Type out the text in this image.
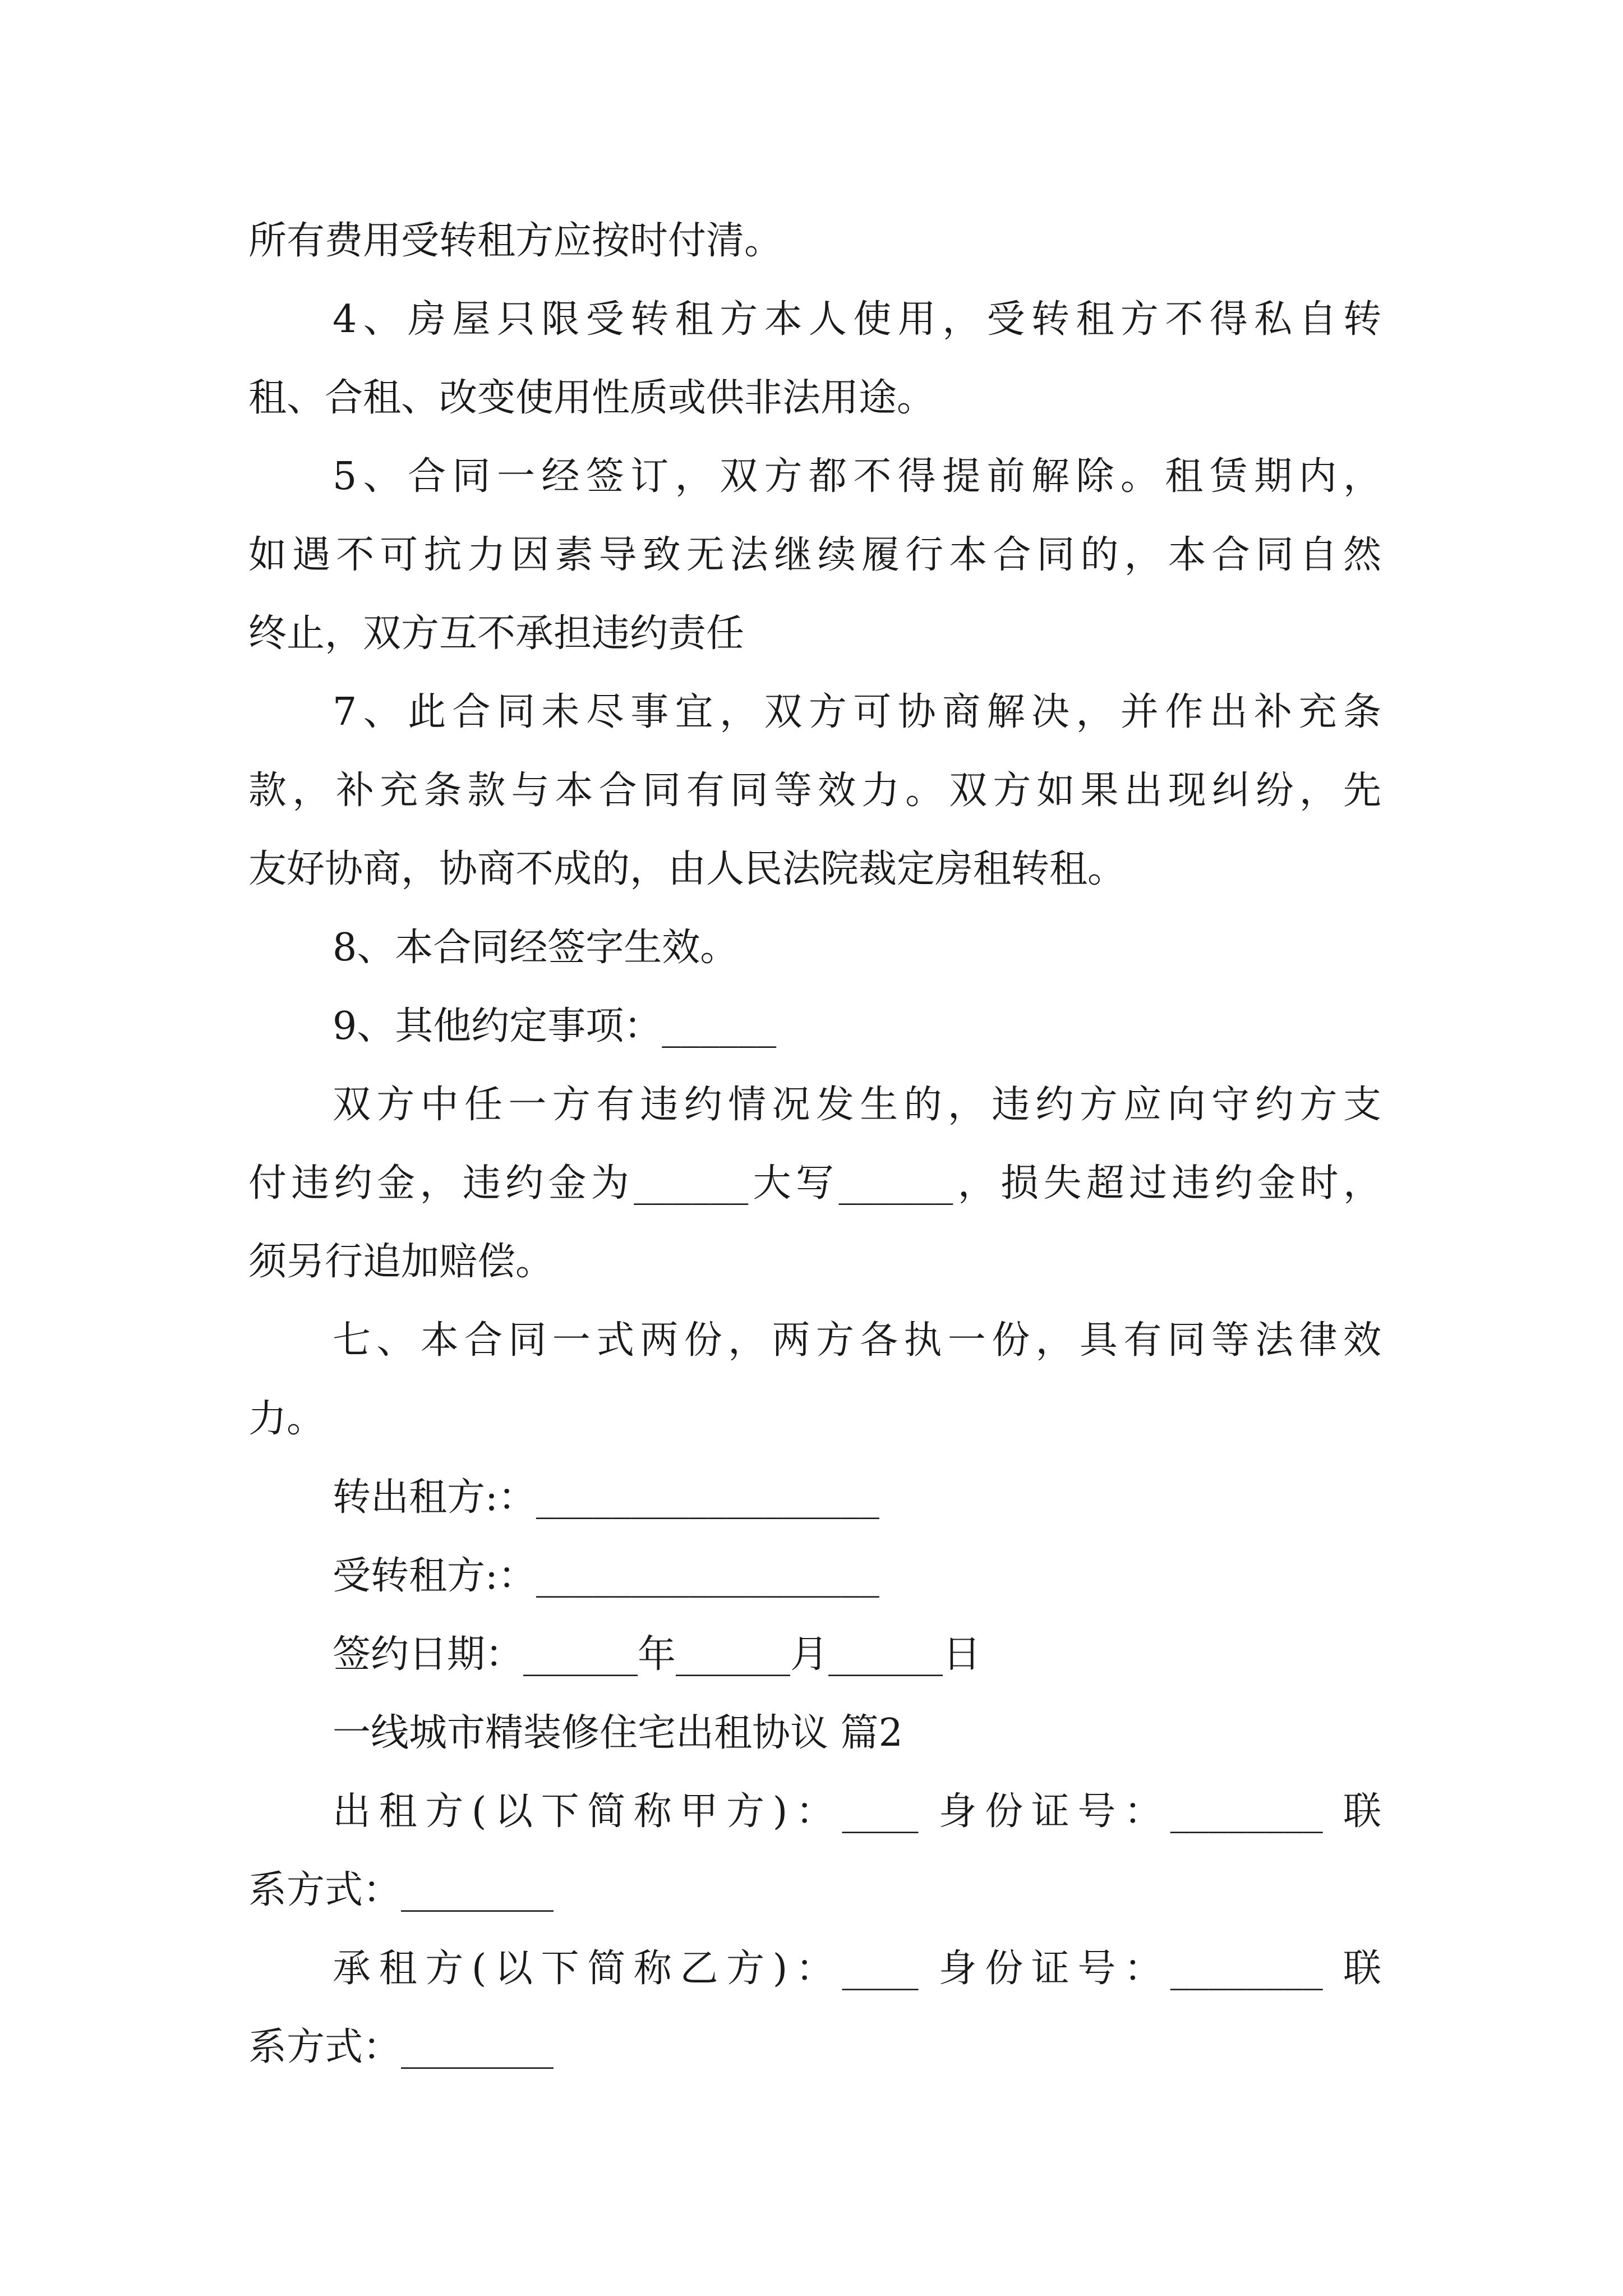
所有费用受转租方应按时付清。
4、房屋只限受转租方本人使用，受转租方不得私自转
租、合租、改变使用性质或供非法用途。
5、合同一经签订，双方都不得提前解除。租赁期内，
如遇不可抗力因素导致无法继续履行本合同的，本合同自然
终止，双方互不承担违约责任
7、此合同未尽事宜，双方可协商解决，并作出补充条
款，补充条款与本合同有同等效力。双方如果出现纠纷，先
友好协商，协商不成的，由人民法院裁定房租转租。
8、本合同经签字生效。
9、其他约定事项：______
双方中任一方有违约情况发生的，违约方应向守约方支
付违约金，违约金为______大写______，损失超过违约金时，
须另行追加赔偿。
七、本合同一式两份，两方各执一份，具有同等法律效
力。
转出租方:：__________________
受转租方:：__________________
签约日期：______年______月______日
一线城市精装修住宅出租协议 篇2
出租方(以下简称甲方)：____ 身份证号：________ 联
系方式：________
承租方(以下简称乙方)：____ 身份证号：________ 联
系方式：________
